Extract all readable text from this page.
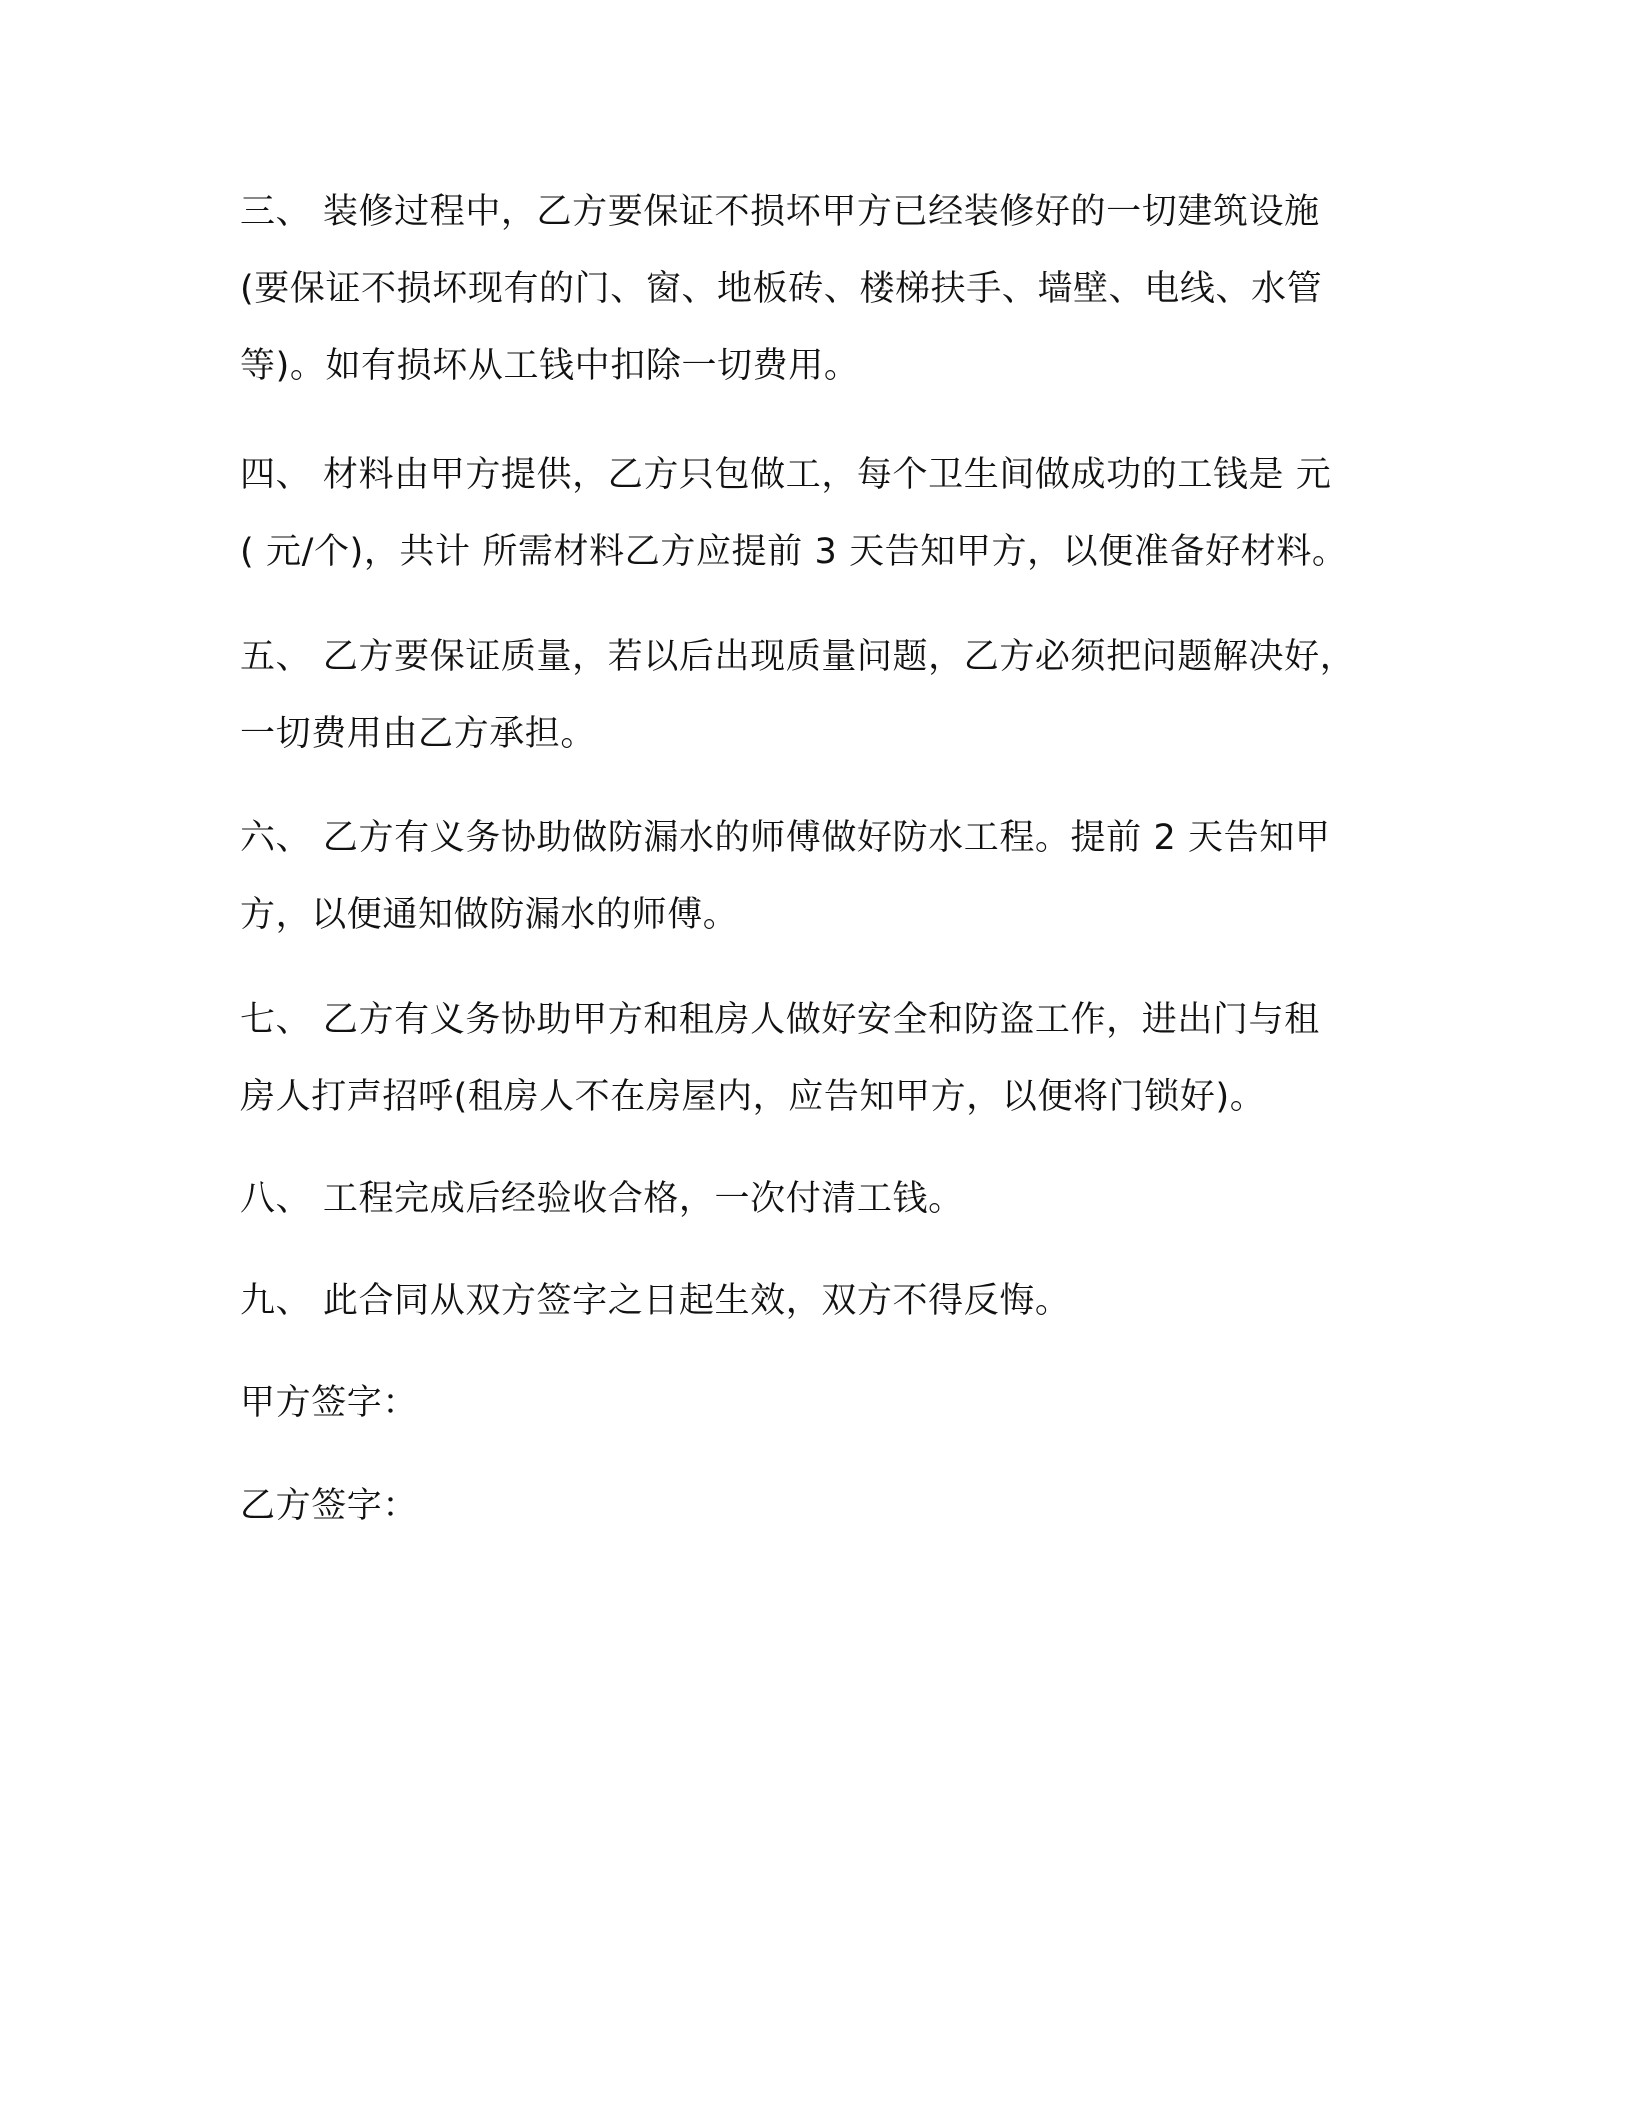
三、 装修过程中，乙方要保证不损坏甲方已经装修好的一切建筑设施
(要保证不损坏现有的门、窗、地板砖、楼梯扶手、墙壁、电线、水管
等)。如有损坏从工钱中扣除一切费用。
四、 材料由甲方提供，乙方只包做工，每个卫生间做成功的工钱是 元
( 元/个)，共计 所需材料乙方应提前 3 天告知甲方，以便准备好材料。
五、 乙方要保证质量，若以后出现质量问题，乙方必须把问题解决好，
一切费用由乙方承担。
六、 乙方有义务协助做防漏水的师傅做好防水工程。提前 2 天告知甲
方，以便通知做防漏水的师傅。
七、 乙方有义务协助甲方和租房人做好安全和防盗工作，进出门与租
房人打声招呼(租房人不在房屋内，应告知甲方，以便将门锁好)。
八、 工程完成后经验收合格，一次付清工钱。
九、 此合同从双方签字之日起生效，双方不得反悔。
甲方签字：
乙方签字：
